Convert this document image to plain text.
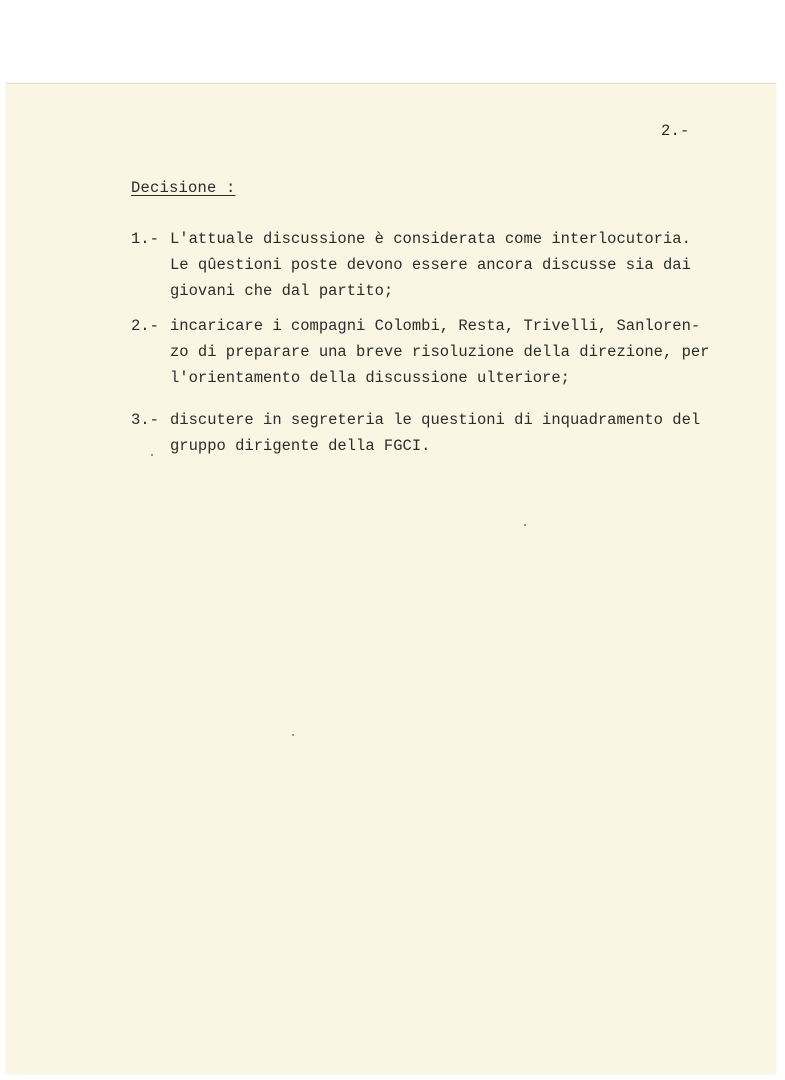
2.-
Decisione :
1.- L'attuale discussione è considerata come interlocutoria.
Le qûestioni poste devono essere ancora discusse sia dai
giovani che dal partito;
2.- incaricare i compagni Colombi, Resta, Trivelli, Sanloren-
zo di preparare una breve risoluzione della direzione, per
l'orientamento della discussione ulteriore;
3.- discutere in segreteria le questioni di inquadramento del
gruppo dirigente della FGCI.
